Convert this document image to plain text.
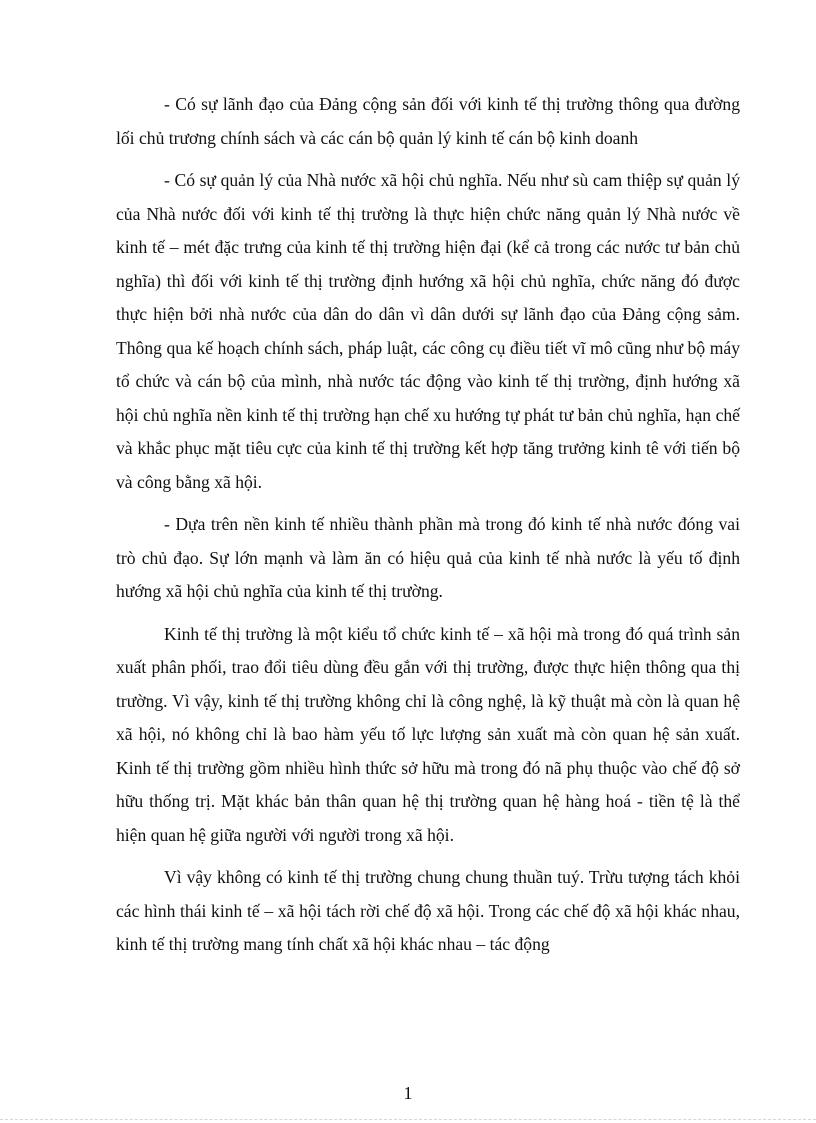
- Có sự lãnh đạo của Đảng cộng sản đối với kinh tế thị trường thông qua đường lối chủ trương chính sách và các cán bộ quản lý kinh tế cán bộ kinh doanh

- Có sự quản lý của Nhà nước xã hội chủ nghĩa. Nếu như sù cam thiệp sự quản lý của Nhà nước đối với kinh tế thị trường là thực hiện chức năng quản lý Nhà nước về kinh tế – mét đặc trưng của kinh tế thị trường hiện đại (kể cả trong các nước tư bản chủ nghĩa) thì đối với kinh tế thị trường định hướng xã hội chủ nghĩa, chức năng đó được thực hiện bởi nhà nước của dân do dân vì dân dưới sự lãnh đạo của Đảng cộng sảm. Thông qua kế hoạch chính sách, pháp luật, các công cụ điều tiết vĩ mô cũng như bộ máy tổ chức và cán bộ của mình, nhà nước tác động vào kinh tế thị trường, định hướng xã hội chủ nghĩa nền kinh tế thị trường hạn chế xu hướng tự phát tư bản chủ nghĩa, hạn chế và khắc phục mặt tiêu cực của kinh tế thị trường kết hợp tăng trưởng kinh tê với tiến bộ và công bằng xã hội.

- Dựa trên nền kinh tế nhiều thành phần mà trong đó kinh tế nhà nước đóng vai trò chủ đạo. Sự lớn mạnh và làm ăn có hiệu quả của kinh tế nhà nước là yếu tố định hướng xã hội chủ nghĩa của kinh tế thị trường.

Kinh tế thị trường là một kiểu tổ chức kinh tế – xã hội mà trong đó quá trình sản xuất phân phối, trao đổi tiêu dùng đều gắn với thị trường, được thực hiện thông qua thị trường. Vì vậy, kinh tế thị trường không chỉ là công nghệ, là kỹ thuật mà còn là quan hệ xã hội, nó không chỉ là bao hàm yếu tố lực lượng sản xuất mà còn quan hệ sản xuất. Kinh tế thị trường gồm nhiều hình thức sở hữu mà trong đó nã phụ thuộc vào chế độ sở hữu thống trị. Mặt khác bản thân quan hệ thị trường quan hệ hàng hoá - tiền tệ là thể hiện quan hệ giữa người với người trong xã hội.

Vì vậy không có kinh tế thị trường chung chung thuần tuý. Trừu tượng tách khỏi các hình thái kinh tế – xã hội tách rời chế độ xã hội. Trong các chế độ xã hội khác nhau, kinh tế thị trường mang tính chất xã hội khác nhau – tác động

1
